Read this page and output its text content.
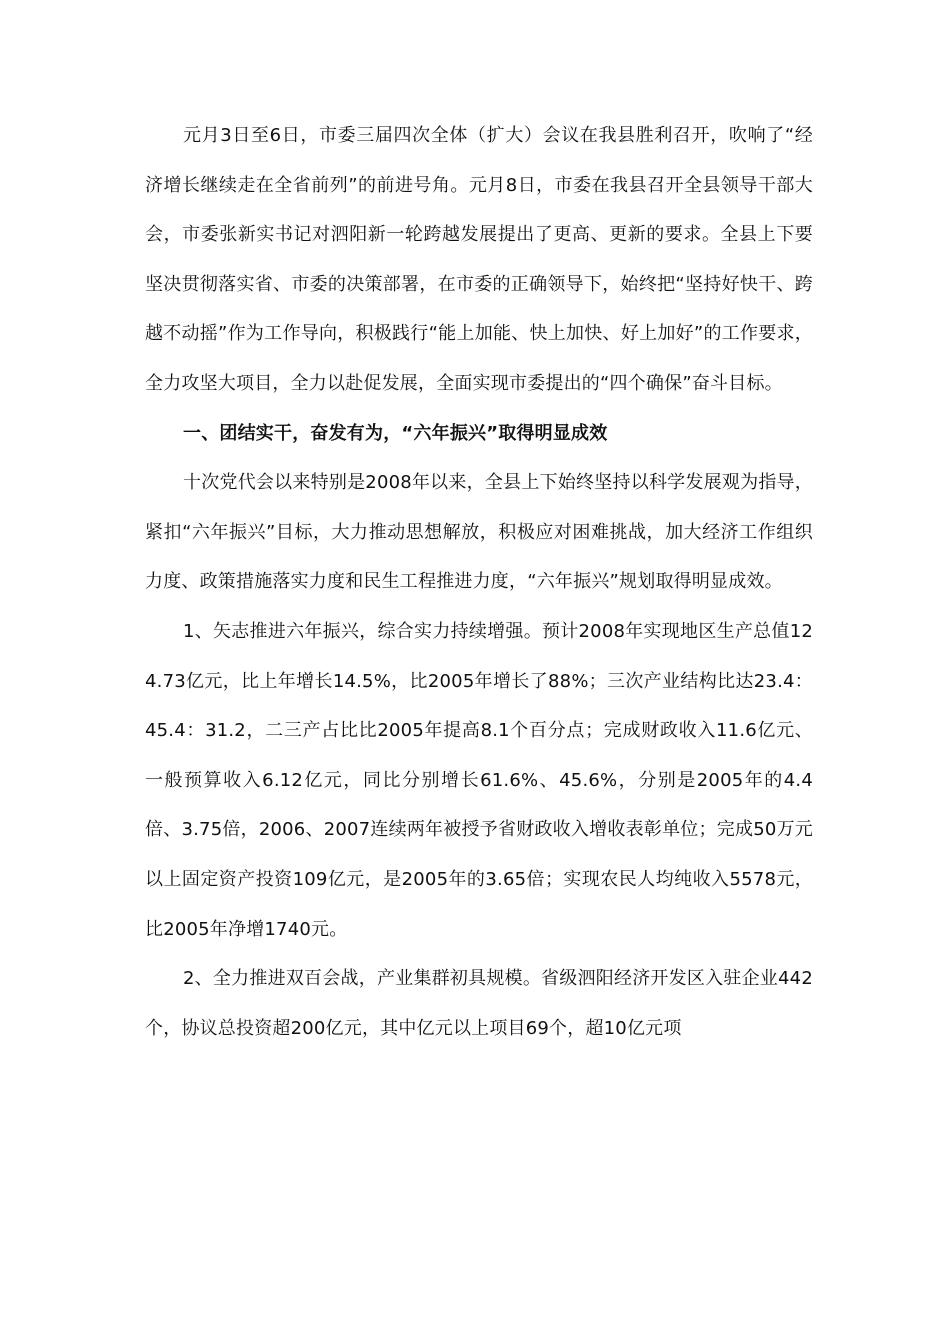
元月3日至6日，市委三届四次全体（扩大）会议在我县胜利召开，吹响了“经济增长继续走在全省前列”的前进号角。元月8日，市委在我县召开全县领导干部大会，市委张新实书记对泗阳新一轮跨越发展提出了更高、更新的要求。全县上下要坚决贯彻落实省、市委的决策部署，在市委的正确领导下，始终把“坚持好快干、跨越不动摇”作为工作导向，积极践行“能上加能、快上加快、好上加好”的工作要求，全力攻坚大项目，全力以赴促发展，全面实现市委提出的“四个确保”奋斗目标。

一、团结实干，奋发有为，“六年振兴”取得明显成效

十次党代会以来特别是2008年以来，全县上下始终坚持以科学发展观为指导，紧扣“六年振兴”目标，大力推动思想解放，积极应对困难挑战，加大经济工作组织力度、政策措施落实力度和民生工程推进力度，“六年振兴”规划取得明显成效。

1、矢志推进六年振兴，综合实力持续增强。预计2008年实现地区生产总值124.73亿元，比上年增长14.5%，比2005年增长了88%；三次产业结构比达23.4：45.4：31.2，二三产占比比2005年提高8.1个百分点；完成财政收入11.6亿元、一般预算收入6.12亿元，同比分别增长61.6%、45.6%，分别是2005年的4.4倍、3.75倍，2006、2007连续两年被授予省财政收入增收表彰单位；完成50万元以上固定资产投资109亿元，是2005年的3.65倍；实现农民人均纯收入5578元，比2005年净增1740元。

2、全力推进双百会战，产业集群初具规模。省级泗阳经济开发区入驻企业442个，协议总投资超200亿元，其中亿元以上项目69个，超10亿元项
